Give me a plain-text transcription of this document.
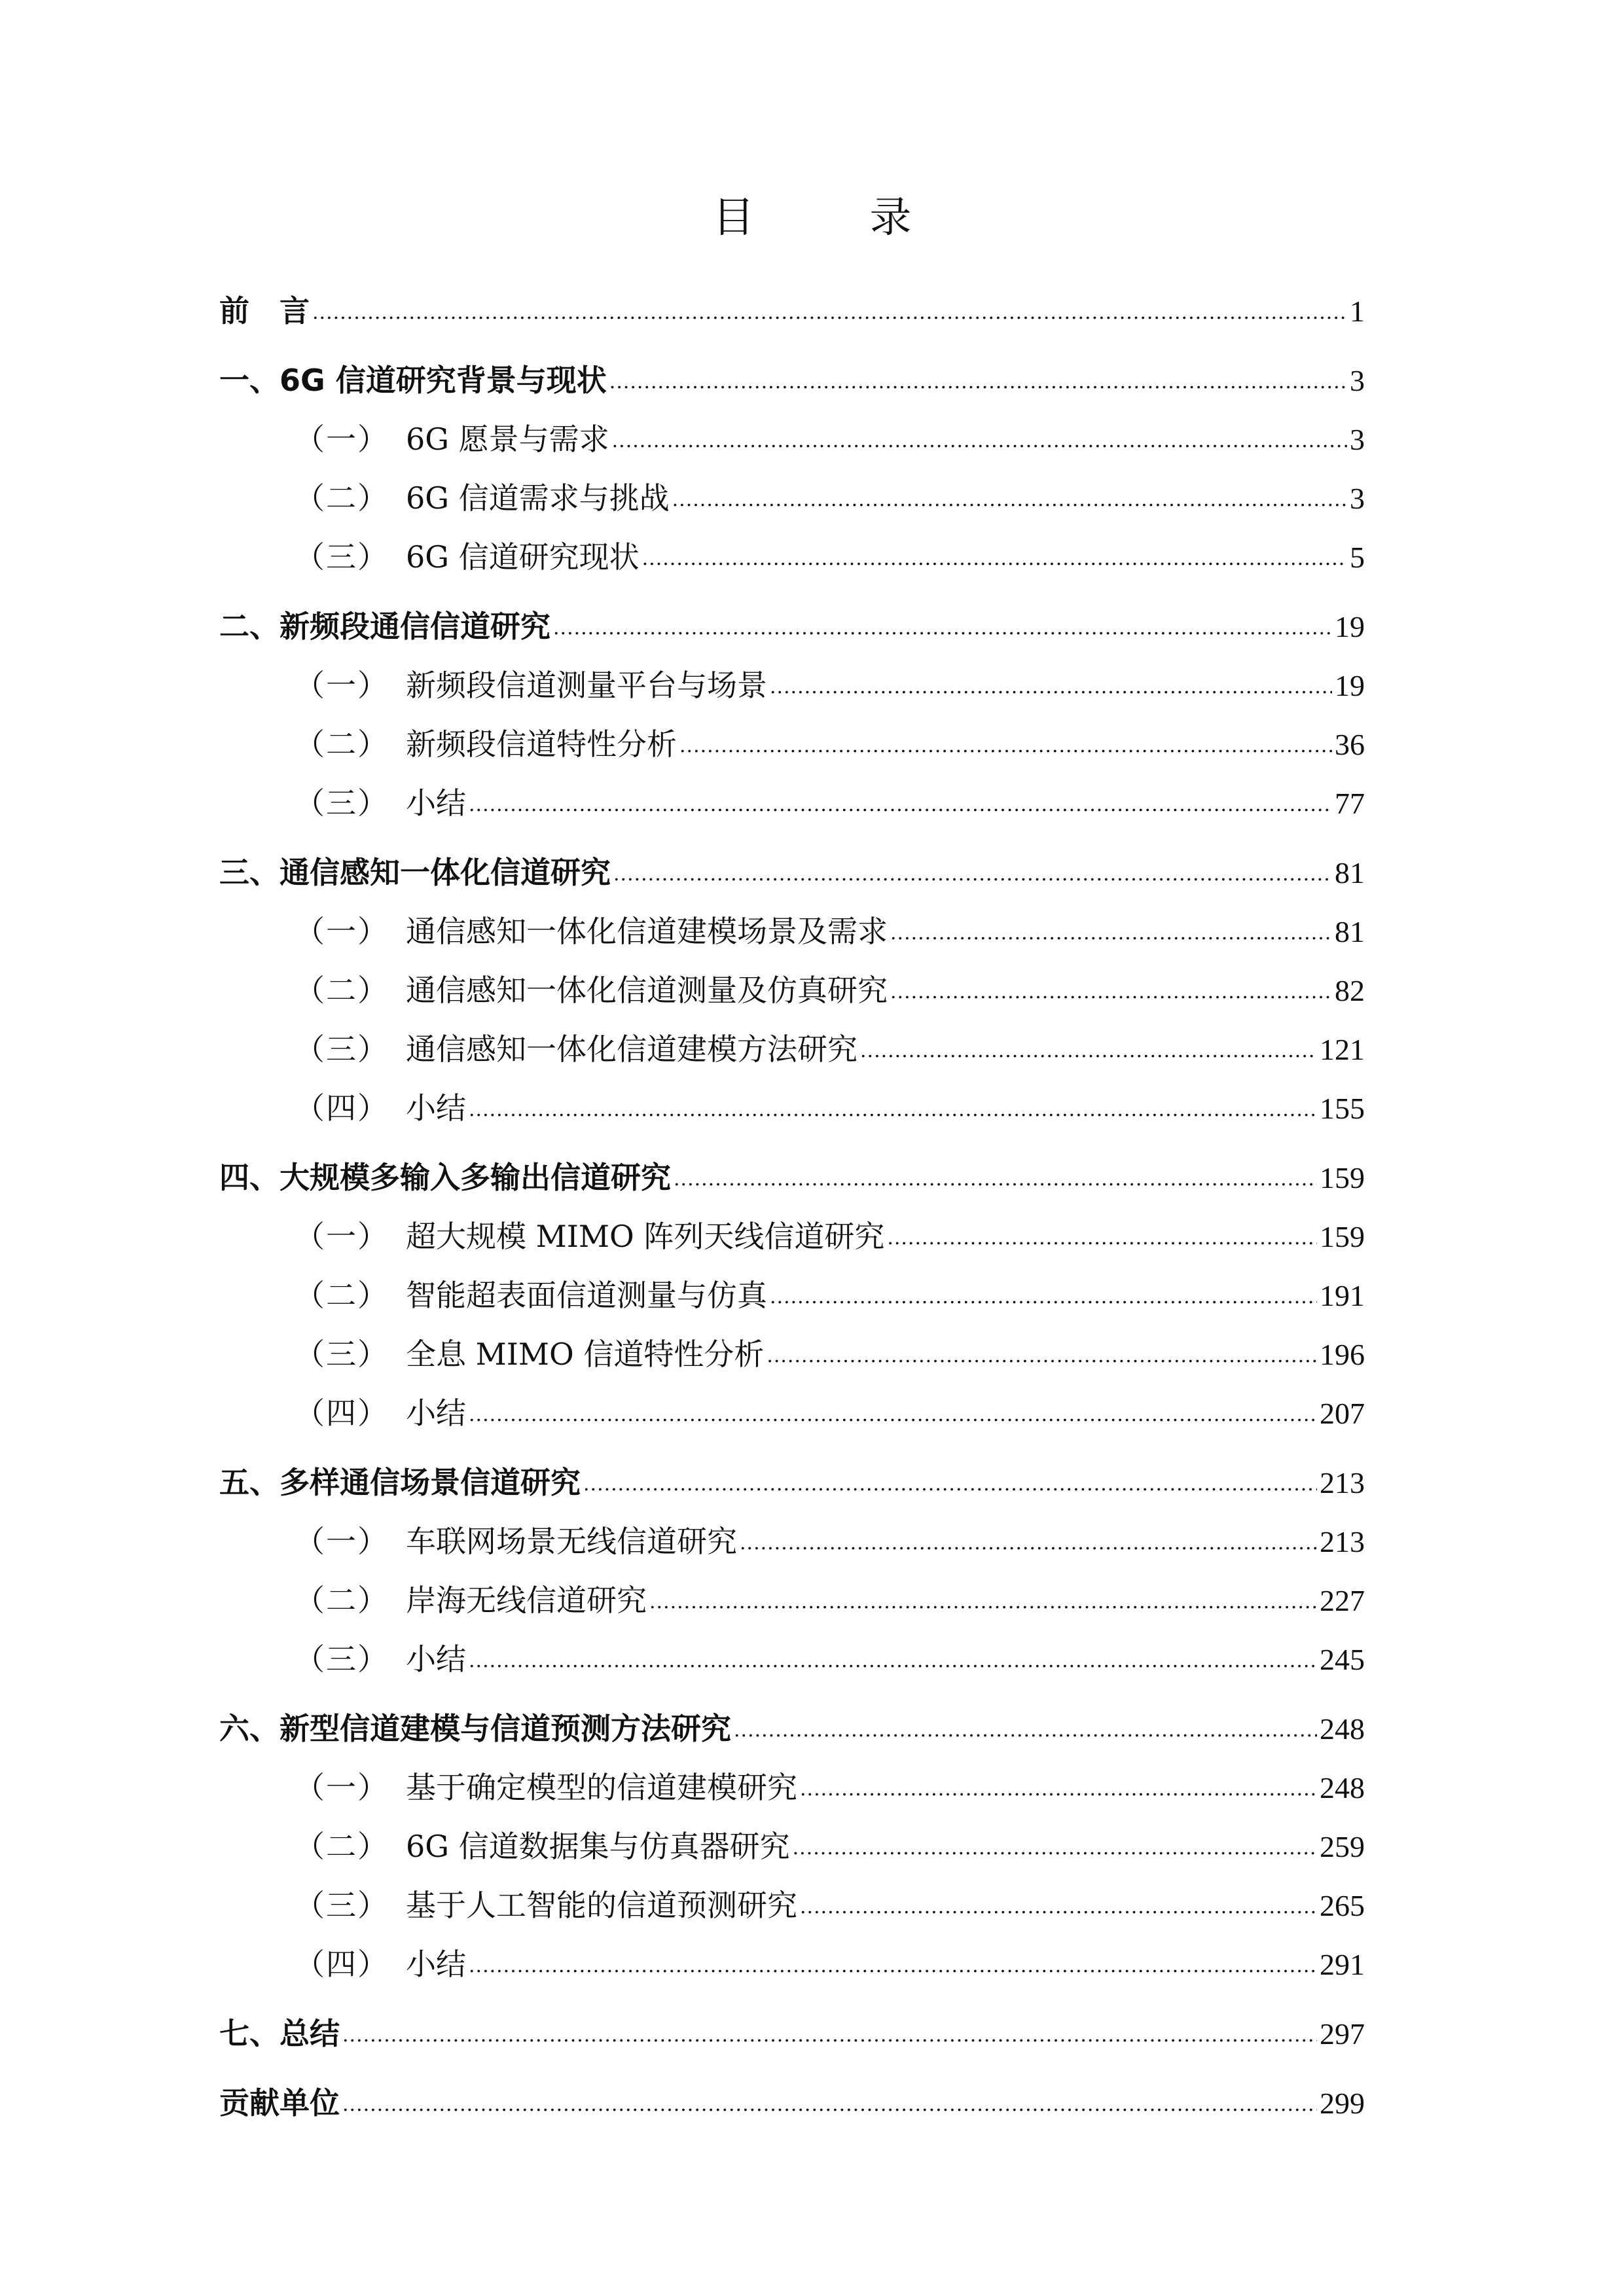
目　录
前　言 .....	1
一、 6G 信道研究背景与现状 .....	3
（一） 6G 愿景与需求 .....	3
（二） 6G 信道需求与挑战 .....	3
（三） 6G 信道研究现状 .....	5
二、 新频段通信信道研究 .....	19
（一） 新频段信道测量平台与场景 .....	19
（二） 新频段信道特性分析 .....	36
（三） 小结 .....	77
三、 通信感知一体化信道研究 .....	81
（一） 通信感知一体化信道建模场景及需求 .....	81
（二） 通信感知一体化信道测量及仿真研究 .....	82
（三） 通信感知一体化信道建模方法研究 .....	121
（四） 小结 .....	155
四、 大规模多输入多输出信道研究 .....	159
（一） 超大规模 MIMO 阵列天线信道研究 .....	159
（二） 智能超表面信道测量与仿真 .....	191
（三） 全息 MIMO 信道特性分析 .....	196
（四） 小结 .....	207
五、 多样通信场景信道研究 .....	213
（一） 车联网场景无线信道研究 .....	213
（二） 岸海无线信道研究 .....	227
（三） 小结 .....	245
六、 新型信道建模与信道预测方法研究 .....	248
（一） 基于确定模型的信道建模研究 .....	248
（二） 6G 信道数据集与仿真器研究 .....	259
（三） 基于人工智能的信道预测研究 .....	265
（四） 小结 .....	291
七、 总结 .....	297
贡献单位 .....	299
